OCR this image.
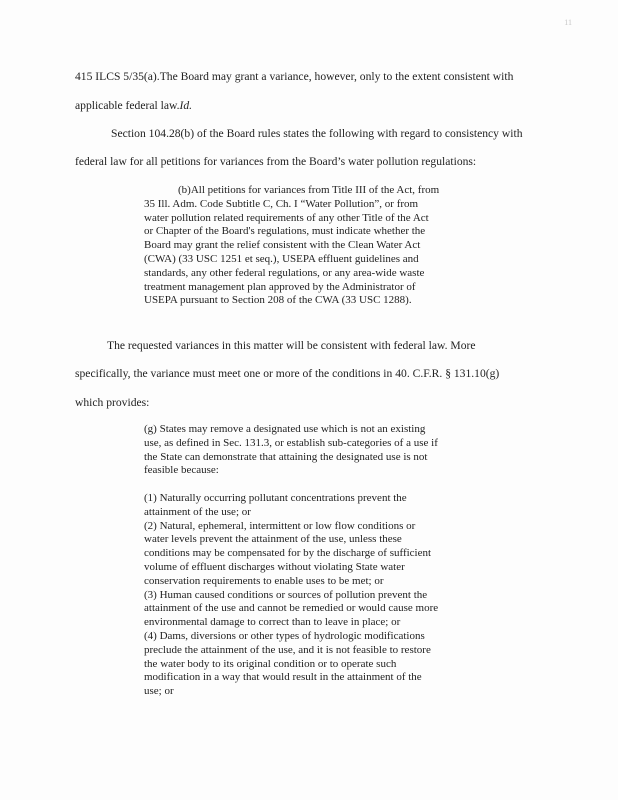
11
415 ILCS 5/35(a).The Board may grant a variance, however, only to the extent consistent with
applicable federal law.Id.
Section 104.28(b) of the Board rules states the following with regard to consistency with
federal law for all petitions for variances from the Board’s water pollution regulations:
(b)All petitions for variances from Title III of the Act, from
35 Ill. Adm. Code Subtitle C, Ch. I “Water Pollution”, or from
water pollution related requirements of any other Title of the Act
or Chapter of the Board's regulations, must indicate whether the
Board may grant the relief consistent with the Clean Water Act
(CWA) (33 USC 1251 et seq.), USEPA effluent guidelines and
standards, any other federal regulations, or any area-wide waste
treatment management plan approved by the Administrator of
USEPA pursuant to Section 208 of the CWA (33 USC 1288).
The requested variances in this matter will be consistent with federal law. More
specifically, the variance must meet one or more of the conditions in 40. C.F.R. § 131.10(g)
which provides:
(g) States may remove a designated use which is not an existing
use, as defined in Sec. 131.3, or establish sub-categories of a use if
the State can demonstrate that attaining the designated use is not
feasible because:
(1) Naturally occurring pollutant concentrations prevent the
attainment of the use; or
(2) Natural, ephemeral, intermittent or low flow conditions or
water levels prevent the attainment of the use, unless these
conditions may be compensated for by the discharge of sufficient
volume of effluent discharges without violating State water
conservation requirements to enable uses to be met; or
(3) Human caused conditions or sources of pollution prevent the
attainment of the use and cannot be remedied or would cause more
environmental damage to correct than to leave in place; or
(4) Dams, diversions or other types of hydrologic modifications
preclude the attainment of the use, and it is not feasible to restore
the water body to its original condition or to operate such
modification in a way that would result in the attainment of the
use; or
